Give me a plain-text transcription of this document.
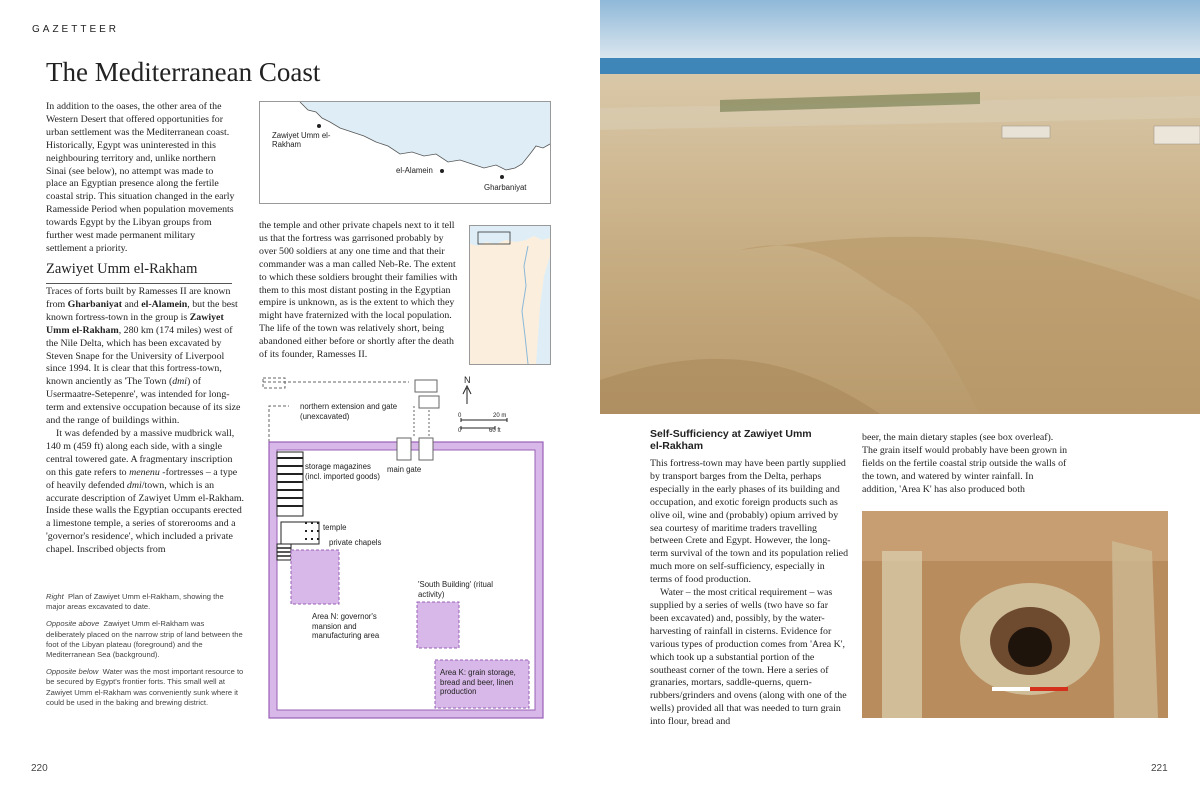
GAZETTEER
The Mediterranean Coast

In addition to the oases, the other area of the Western Desert that offered opportunities for urban settlement was the Mediterranean coast. Historically, Egypt was uninterested in this neighbouring territory and, unlike northern Sinai (see below), no attempt was made to place an Egyptian presence along the fertile coastal strip. This situation changed in the early Ramesside Period when population movements towards Egypt by the Libyan groups from further west made permanent military settlement a priority.

Zawiyet Umm el-Rakham

Traces of forts built by Ramesses II are known from Gharbaniyat and el-Alamein, but the best known fortress-town in the group is Zawiyet Umm el-Rakham, 280 km (174 miles) west of the Nile Delta, which has been excavated by Steven Snape for the University of Liverpool since 1994. It is clear that this fortress-town, known anciently as 'The Town (dmi) of Usermaatre-Setepenre', was intended for long-term and extensive occupation because of its size and the range of buildings within.

It was defended by a massive mudbrick wall, 140 m (459 ft) along each side, with a single central towered gate. A fragmentary inscription on this gate refers to menenu -fortresses – a type of heavily defended dmi/town, which is an accurate description of Zawiyet Umm el-Rakham. Inside these walls the Egyptian occupants erected a limestone temple, a series of storerooms and a 'governor's residence', which included a private chapel. Inscribed objects from

Right Plan of Zawiyet Umm el-Rakham, showing the major areas excavated to date.

Opposite above Zawiyet Umm el-Rakham was deliberately placed on the narrow strip of land between the foot of the Libyan plateau (foreground) and the Mediterranean Sea (background).

Opposite below Water was the most important resource to be secured by Egypt's frontier forts. This small well at Zawiyet Umm el-Rakham was conveniently sunk where it could be used in the baking and brewing district.

220
Zawiyet Umm el-Rakham
el-Alamein
Gharbaniyat

the temple and other private chapels next to it tell us that the fortress was garrisoned probably by over 500 soldiers at any one time and that their commander was a man called Neb-Re. The extent to which these soldiers brought their families with them to this most distant posting in the Egyptian empire is unknown, as is the extent to which they might have fraternized with the local population. The life of the town was relatively short, being abandoned either before or shortly after the death of its founder, Ramesses II.

N
0	20 m
0	60 ft
northern extension and gate (unexcavated)
main gate
storage magazines (incl. imported goods)
temple
private chapels
Area N: governor's mansion and manufacturing area
'South Building' (ritual activity)
Area K: grain storage, bread and beer, linen production
Self-Sufficiency at Zawiyet Umm el-Rakham

This fortress-town may have been partly supplied by transport barges from the Delta, perhaps especially in the early phases of its building and occupation, and exotic foreign products such as olive oil, wine and (probably) opium arrived by sea courtesy of maritime traders travelling between Crete and Egypt. However, the long-term survival of the town and its population relied much more on self-sufficiency, especially in terms of food production.

Water – the most critical requirement – was supplied by a series of wells (two have so far been excavated) and, possibly, by the water-harvesting of rainfall in cisterns. Evidence for various types of production comes from 'Area K', which took up a substantial portion of the southeast corner of the town. Here a series of granaries, mortars, saddle-querns, quern-rubbers/grinders and ovens (along with one of the wells) provided all that was needed to turn grain into flour, bread and

beer, the main dietary staples (see box overleaf). The grain itself would probably have been grown in fields on the fertile coastal strip outside the walls of the town, and watered by winter rainfall. In addition, 'Area K' has also produced both

221
